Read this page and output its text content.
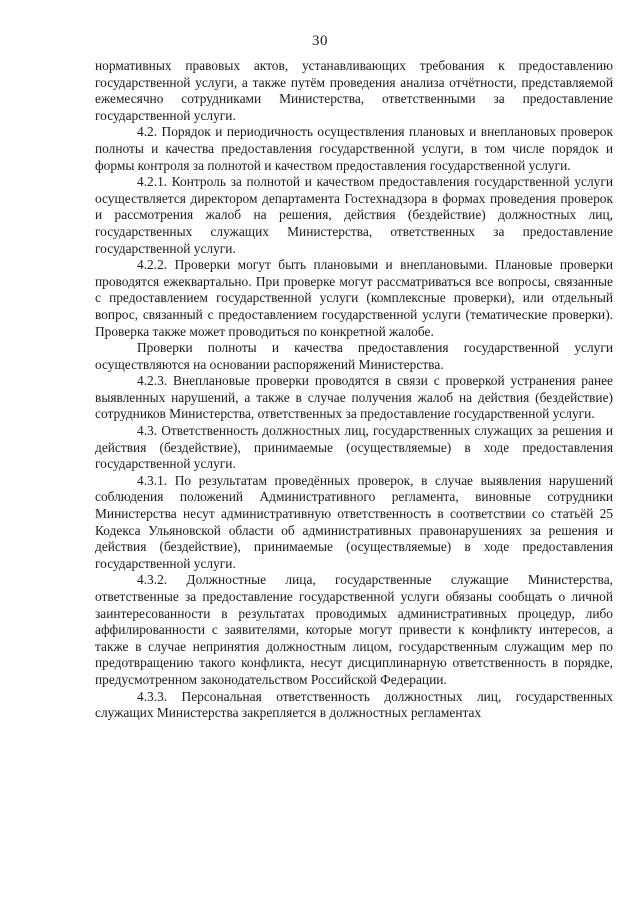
30

нормативных правовых актов, устанавливающих требования к предоставлению государственной услуги, а также путём проведения анализа отчётности, представляемой ежемесячно сотрудниками Министерства, ответственными за предоставление государственной услуги.

4.2. Порядок и периодичность осуществления плановых и внеплановых проверок полноты и качества предоставления государственной услуги, в том числе порядок и формы контроля за полнотой и качеством предоставления государственной услуги.

4.2.1. Контроль за полнотой и качеством предоставления государственной услуги осуществляется директором департамента Гостехнадзора в формах проведения проверок и рассмотрения жалоб на решения, действия (бездействие) должностных лиц, государственных служащих Министерства, ответственных за предоставление государственной услуги.

4.2.2. Проверки могут быть плановыми и внеплановыми. Плановые проверки проводятся ежеквартально. При проверке могут рассматриваться все вопросы, связанные с предоставлением государственной услуги (комплексные проверки), или отдельный вопрос, связанный с предоставлением государственной услуги (тематические проверки). Проверка также может проводиться по конкретной жалобе.

Проверки полноты и качества предоставления государственной услуги осуществляются на основании распоряжений Министерства.

4.2.3. Внеплановые проверки проводятся в связи с проверкой устранения ранее выявленных нарушений, а также в случае получения жалоб на действия (бездействие) сотрудников Министерства, ответственных за предоставление государственной услуги.

4.3. Ответственность должностных лиц, государственных служащих за решения и действия (бездействие), принимаемые (осуществляемые) в ходе предоставления государственной услуги.

4.3.1. По результатам проведённых проверок, в случае выявления нарушений соблюдения положений Административного регламента, виновные сотрудники Министерства несут административную ответственность в соответствии со статьёй 25 Кодекса Ульяновской области об административных правонарушениях за решения и действия (бездействие), принимаемые (осуществляемые) в ходе предоставления государственной услуги.

4.3.2. Должностные лица, государственные служащие Министерства, ответственные за предоставление государственной услуги обязаны сообщать о личной заинтересованности в результатах проводимых административных процедур, либо аффилированности с заявителями, которые могут привести к конфликту интересов, а также в случае непринятия должностным лицом, государственным служащим мер по предотвращению такого конфликта, несут дисциплинарную ответственность в порядке, предусмотренном законодательством Российской Федерации.

4.3.3. Персональная ответственность должностных лиц, государственных служащих Министерства закрепляется в должностных регламентах
